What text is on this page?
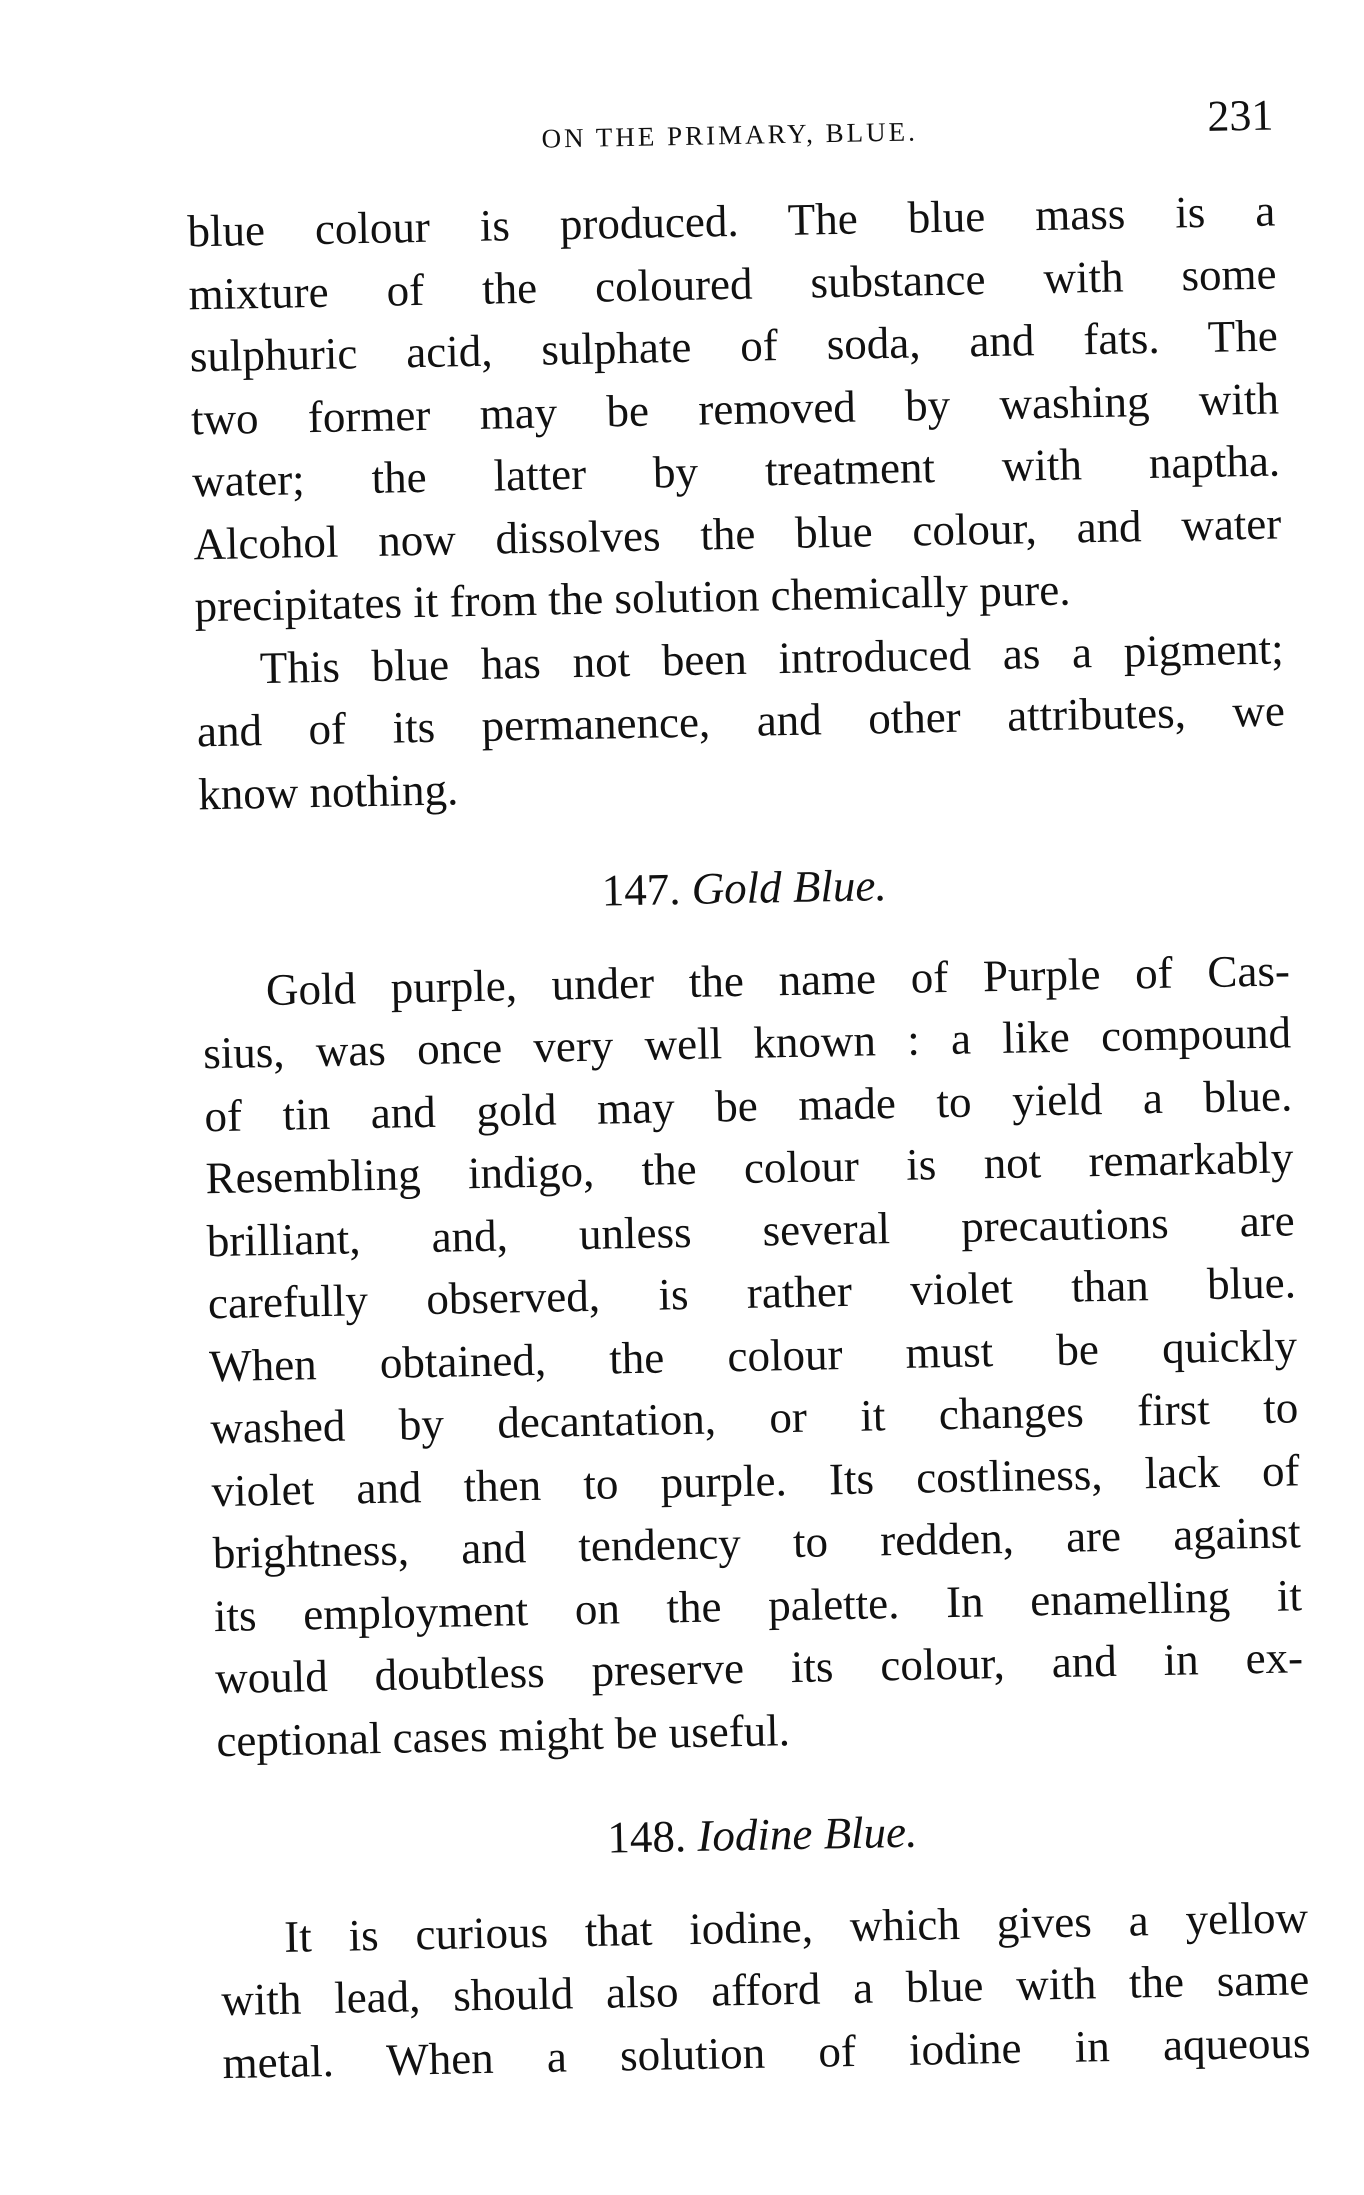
ON THE PRIMARY, BLUE.	231
blue colour is produced. The blue mass is a
mixture of the coloured substance with some
sulphuric acid, sulphate of soda, and fats. The
two former may be removed by washing with
water; the latter by treatment with naptha.
Alcohol now dissolves the blue colour, and water
precipitates it from the solution chemically pure.
This blue has not been introduced as a pigment;
and of its permanence, and other attributes, we
know nothing.
147. Gold Blue.
Gold purple, under the name of Purple of Cas-
sius, was once very well known : a like compound
of tin and gold may be made to yield a blue.
Resembling indigo, the colour is not remarkably
brilliant, and, unless several precautions are
carefully observed, is rather violet than blue.
When obtained, the colour must be quickly
washed by decantation, or it changes first to
violet and then to purple. Its costliness, lack of
brightness, and tendency to redden, are against
its employment on the palette. In enamelling it
would doubtless preserve its colour, and in ex-
ceptional cases might be useful.
148. Iodine Blue.
It is curious that iodine, which gives a yellow
with lead, should also afford a blue with the same
metal. When a solution of iodine in aqueous
